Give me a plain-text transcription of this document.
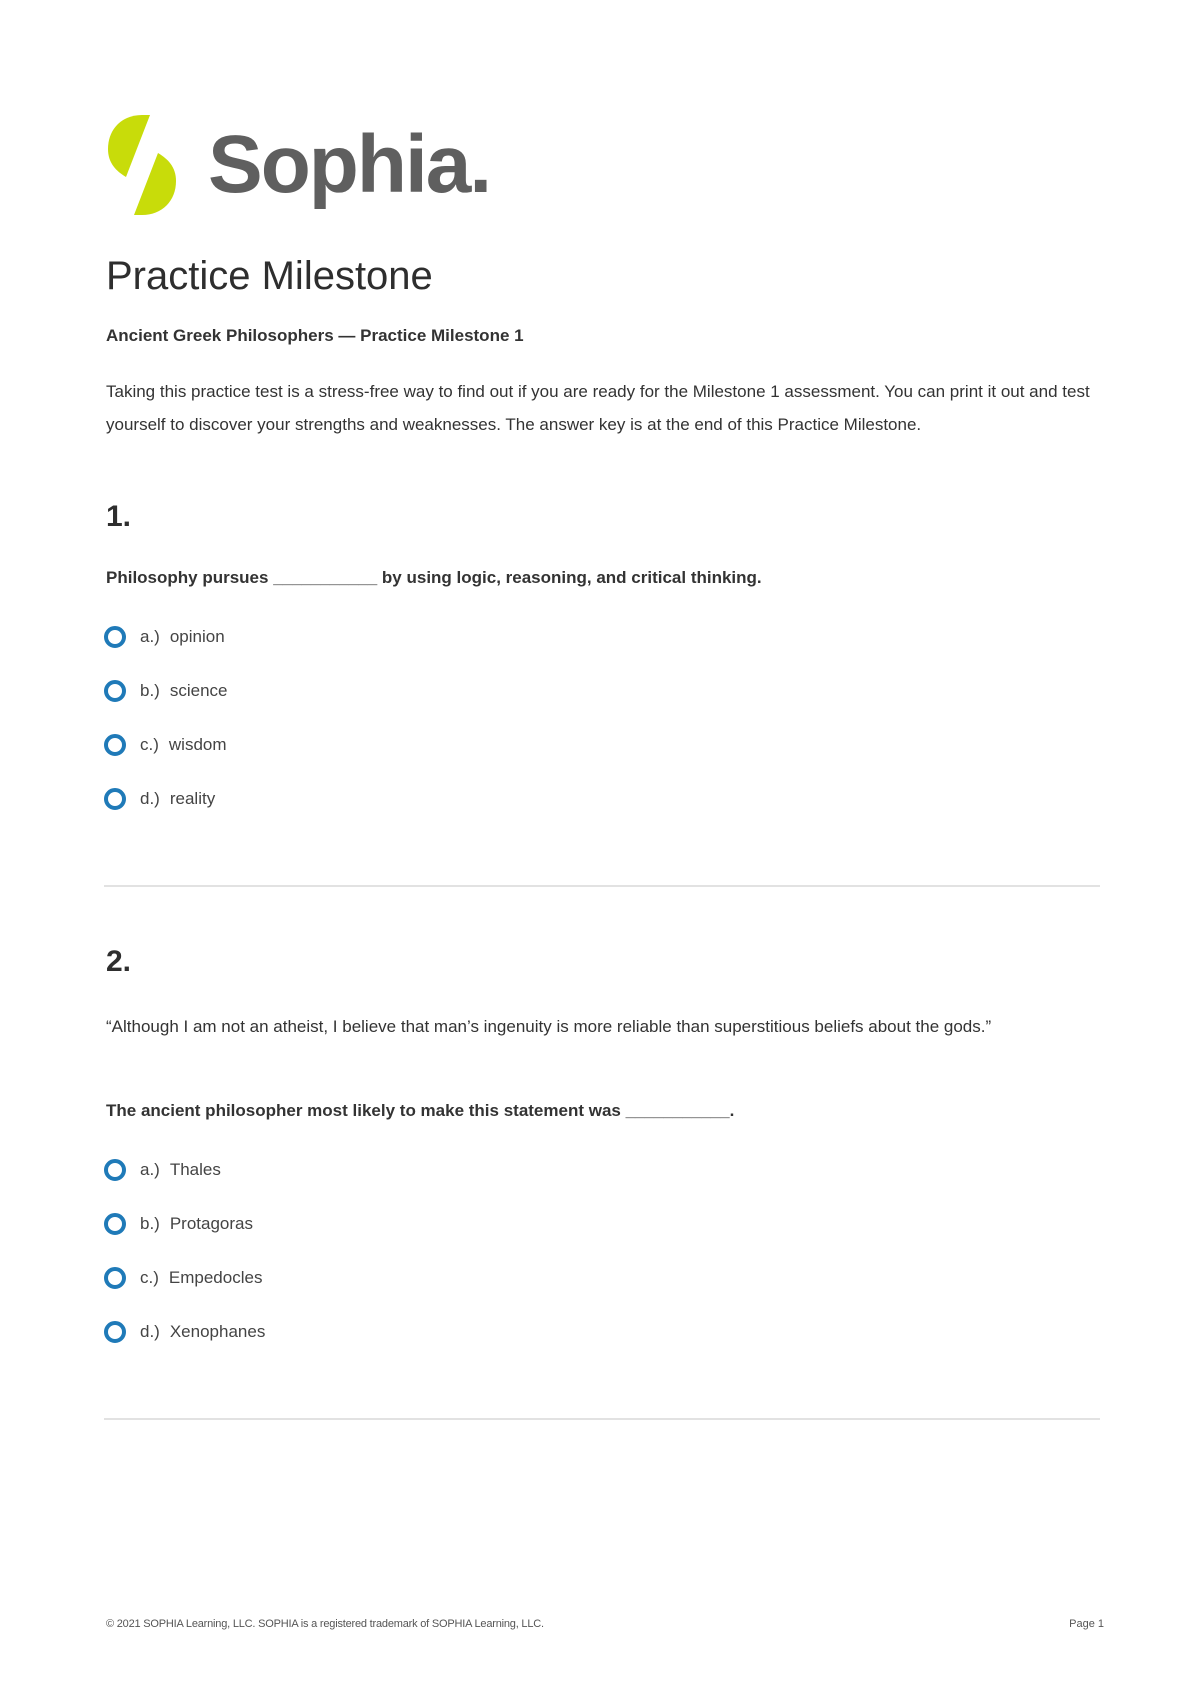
Sophia.
Practice Milestone

Ancient Greek Philosophers — Practice Milestone 1

Taking this practice test is a stress-free way to find out if you are ready for the Milestone 1 assessment. You can print it out and test yourself to discover your strengths and weaknesses. The answer key is at the end of this Practice Milestone.

1.

Philosophy pursues ___________ by using logic, reasoning, and critical thinking.

a.) opinion
b.) science
c.) wisdom
d.) reality
2.

“Although I am not an atheist, I believe that man’s ingenuity is more reliable than superstitious beliefs about the gods.”

The ancient philosopher most likely to make this statement was ___________.

a.) Thales
b.) Protagoras
c.) Empedocles
d.) Xenophanes
© 2021 SOPHIA Learning, LLC. SOPHIA is a registered trademark of SOPHIA Learning, LLC.	Page 1
